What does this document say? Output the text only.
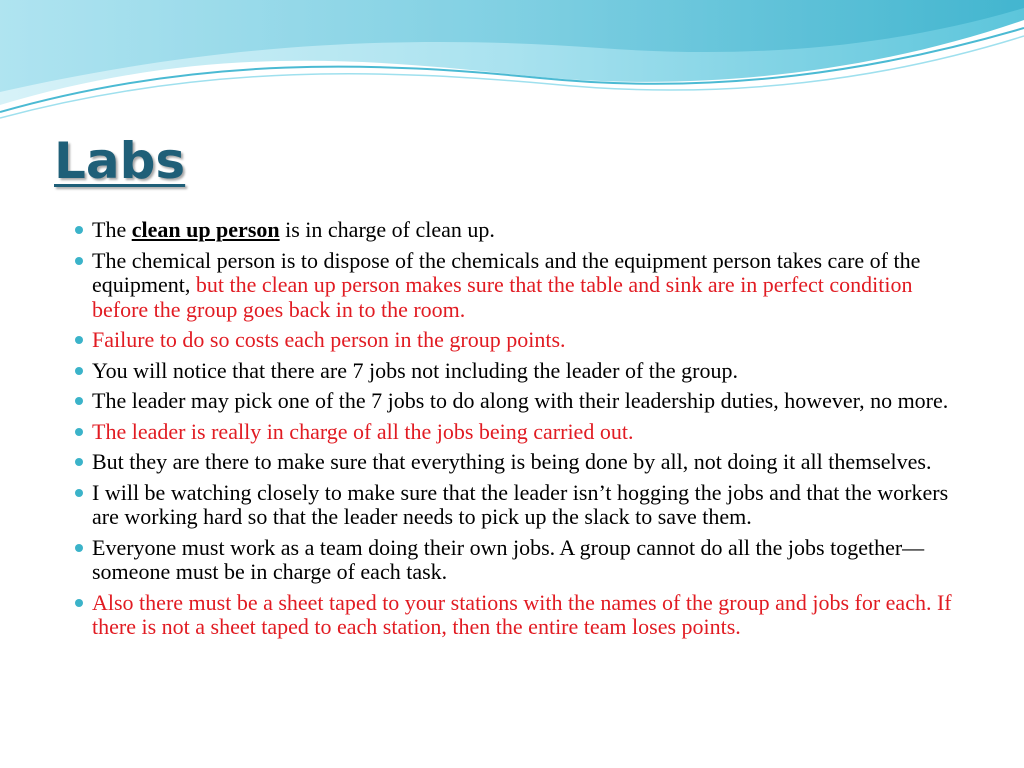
Labs
The clean up person is in charge of clean up.
The chemical person is to dispose of the chemicals and the equipment person takes care of the equipment, but the clean up person makes sure that the table and sink are in perfect condition before the group goes back in to the room.
Failure to do so costs each person in the group points.
You will notice that there are 7 jobs not including the leader of the group.
The leader may pick one of the 7 jobs to do along with their leadership duties, however, no more.
The leader is really in charge of all the jobs being carried out.
But they are there to make sure that everything is being done by all, not doing it all themselves.
I will be watching closely to make sure that the leader isn’t hogging the jobs and that the workers are working hard so that the leader needs to pick up the slack to save them.
Everyone must work as a team doing their own jobs. A group cannot do all the jobs together—someone must be in charge of each task.
Also there must be a sheet taped to your stations with the names of the group and jobs for each. If there is not a sheet taped to each station, then the entire team loses points.
